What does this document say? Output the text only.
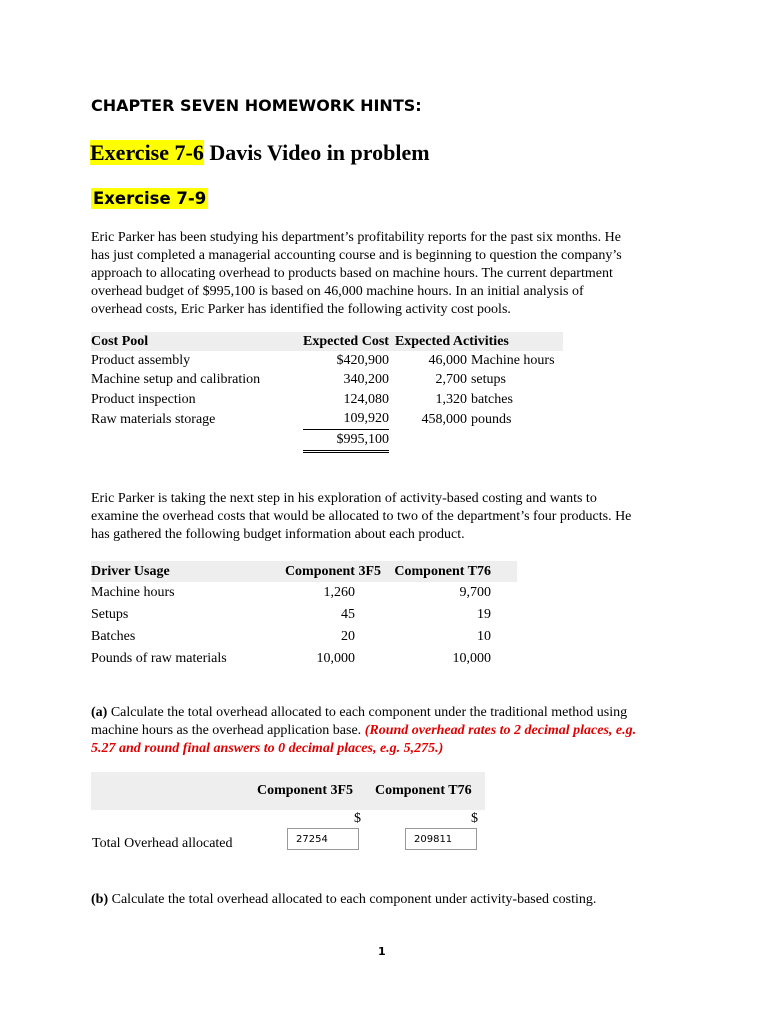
CHAPTER SEVEN HOMEWORK HINTS:
Exercise 7-6 Davis Video in problem
Exercise 7-9
Eric Parker has been studying his department’s profitability reports for the past six months. He
has just completed a managerial accounting course and is beginning to question the company’s
approach to allocating overhead to products based on machine hours. The current department
overhead budget of $995,100 is based on 46,000 machine hours. In an initial analysis of
overhead costs, Eric Parker has identified the following activity cost pools.
Cost Pool	Expected Cost	Expected Activities	
Product assembly	$420,900	46,000	Machine hours
Machine setup and calibration	340,200	2,700	setups
Product inspection	124,080	1,320	batches
Raw materials storage	109,920	458,000	pounds
	$995,100		
Eric Parker is taking the next step in his exploration of activity-based costing and wants to
examine the overhead costs that would be allocated to two of the department’s four products. He
has gathered the following budget information about each product.
Driver Usage	Component 3F5	Component T76	
Machine hours	1,260	9,700	
Setups	45	19	
Batches	20	10	
Pounds of raw materials	10,000	10,000	
(a) Calculate the total overhead allocated to each component under the traditional method using
machine hours as the overhead application base. (Round overhead rates to 2 decimal places, e.g.
5.27 and round final answers to 0 decimal places, e.g. 5,275.)
Component 3F5 Component T76
$	$
Total Overhead allocated	27254	209811
(b) Calculate the total overhead allocated to each component under activity-based costing.
1
